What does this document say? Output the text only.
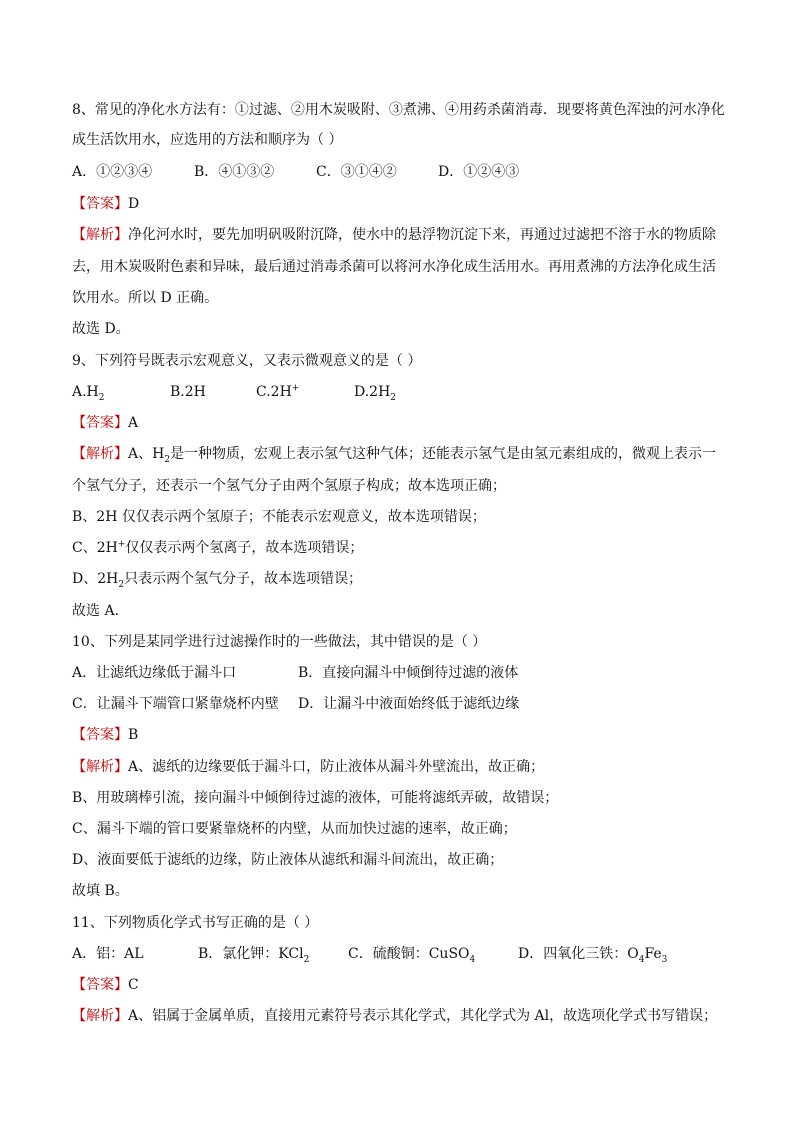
8、常见的净化水方法有：①过滤、②用木炭吸附、③煮沸、④用药杀菌消毒．现要将黄色浑浊的河水净化
成生活饮用水，应选用的方法和顺序为（ ）
A．①②③④	B．④①③②	C．③①④②	D．①②④③
【答案】D
【解析】净化河水时，要先加明矾吸附沉降，使水中的悬浮物沉淀下来，再通过过滤把不溶于水的物质除
去，用木炭吸附色素和异味，最后通过消毒杀菌可以将河水净化成生活用水。再用煮沸的方法净化成生活
饮用水。所以 D 正确。
故选 D。
9、下列符号既表示宏观意义，又表示微观意义的是（ ）
$A.H_2$	B.2H	C.2H+	$D.2H_2$
【答案】A
【解析】A、$H_2$是一种物质，宏观上表示氢气这种气体；还能表示氢气是由氢元素组成的，微观上表示一
个氢气分子，还表示一个氢气分子由两个氢原子构成；故本选项正确；
B、2H 仅仅表示两个氢原子；不能表示宏观意义，故本选项错误；
C、2H+仅仅表示两个氢离子，故本选项错误；
D、$2H_2$只表示两个氢气分子，故本选项错误；
故选 A．
10、下列是某同学进行过滤操作时的一些做法，其中错误的是（ ）
A．让滤纸边缘低于漏斗口	B．直接向漏斗中倾倒待过滤的液体
C．让漏斗下端管口紧靠烧杯内壁 D．让漏斗中液面始终低于滤纸边缘
【答案】B
【解析】A、滤纸的边缘要低于漏斗口，防止液体从漏斗外壁流出，故正确；
B、用玻璃棒引流，接向漏斗中倾倒待过滤的液体，可能将滤纸弄破，故错误；
C、漏斗下端的管口要紧靠烧杯的内壁，从而加快过滤的速率，故正确；
D、液面要低于滤纸的边缘，防止液体从滤纸和漏斗间流出，故正确；
故填 B。
11、下列物质化学式书写正确的是（ ）
A．铝：AL	B．氯化钾：KCl$_2$	C．硫酸铜：CuSO$_4$	D．四氧化三铁：$O_4Fe_3$
【答案】C
【解析】A、铝属于金属单质，直接用元素符号表示其化学式，其化学式为 Al，故选项化学式书写错误；
